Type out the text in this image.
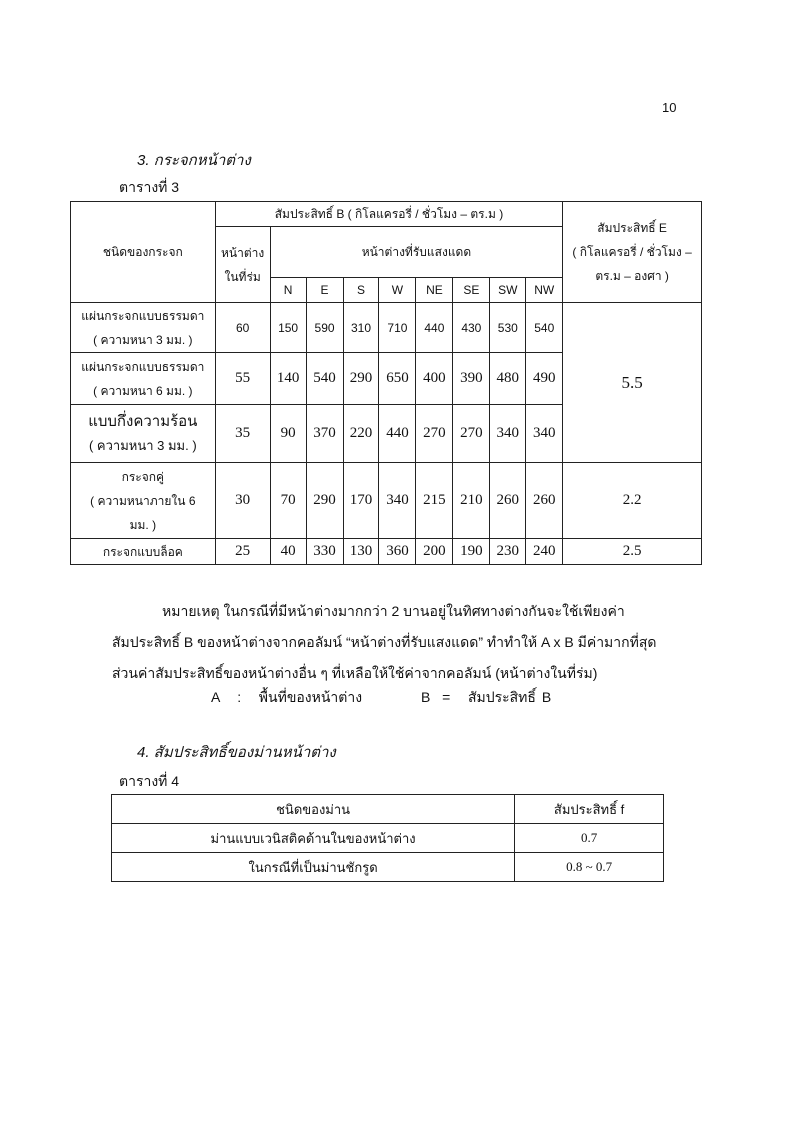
10
3. กระจกหน้าต่าง
ตารางที่ 3
ชนิดของกระจก	สัมประสิทธิ์ B ( กิโลแครอรี่ / ชั่วโมง – ตร.ม )									สัมประสิทธิ์ E
( กิโลแครอรี่ / ชั่วโมง –
ตร.ม – องศา )

	หน้าต่าง
ในที่ร่ม	หน้าต่างที่รับแสงแดด								
		N	E	S	W	NE	SE	SW	NW	

แผ่นกระจกแบบธรรมดา
( ความหนา 3 มม. )	60	150	590	310	710	440	430	530	540	5.5

แผ่นกระจกแบบธรรมดา
( ความหนา 6 มม. )	55	140	540	290	650	400	390	480	490	

แบบกึ่งความร้อน
( ความหนา 3 มม. )	35	90	370	220	440	270	270	340	340	

กระจกคู่
( ความหนาภายใน 6
มม. )	30	70	290	170	340	215	210	260	260	2.2
กระจกแบบล็อค	25	40	330	130	360	200	190	230	240	2.5

หมายเหตุ ในกรณีที่มีหน้าต่างมากกว่า 2 บานอยู่ในทิศทางต่างกันจะใช้เพียงค่า

สัมประสิทธิ์ B ของหน้าต่างจากคอลัมน์ “หน้าต่างที่รับแสงแดด” ทำทำให้ A x B มีค่ามากที่สุด

ส่วนค่าสัมประสิทธิ์ของหน้าต่างอื่น ๆ ที่เหลือให้ใช้ค่าจากคอลัมน์ (หน้าต่างในที่ร่ม)

A   :   พื้นที่ของหน้าต่าง          B  =   สัมประสิทธิ์ B
4. สัมประสิทธิ์ของม่านหน้าต่าง
ตารางที่ 4
ชนิดของม่าน	สัมประสิทธิ์ f
ม่านแบบเวนิสติคด้านในของหน้าต่าง	0.7
ในกรณีที่เป็นม่านชักรูด	0.8 ~ 0.7
